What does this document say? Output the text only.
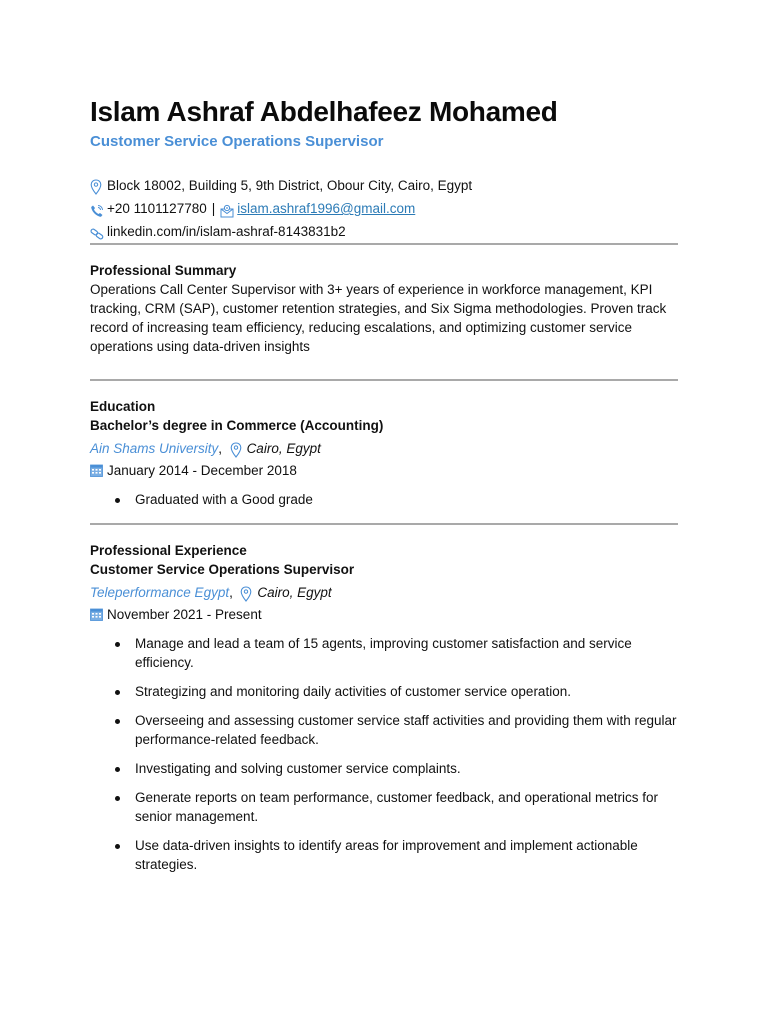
Islam Ashraf Abdelhafeez Mohamed
Customer Service Operations Supervisor
Block 18002, Building 5, 9th District, Obour City, Cairo, Egypt
+20 1101127780 | islam.ashraf1996@gmail.com
linkedin.com/in/islam-ashraf-8143831b2
Professional Summary
Operations Call Center Supervisor with 3+ years of experience in workforce management, KPI tracking, CRM (SAP), customer retention strategies, and Six Sigma methodologies. Proven track record of increasing team efficiency, reducing escalations, and optimizing customer service operations using data-driven insights
Education
Bachelor’s degree in Commerce (Accounting)
Ain Shams University , Cairo, Egypt
January 2014 - December 2018
Graduated with a Good grade
Professional Experience
Customer Service Operations Supervisor
Teleperformance Egypt , Cairo, Egypt
November 2021 - Present
Manage and lead a team of 15 agents, improving customer satisfaction and service efficiency.
Strategizing and monitoring daily activities of customer service operation.
Overseeing and assessing customer service staff activities and providing them with regular performance-related feedback.
Investigating and solving customer service complaints.
Generate reports on team performance, customer feedback, and operational metrics for senior management.
Use data-driven insights to identify areas for improvement and implement actionable strategies.
